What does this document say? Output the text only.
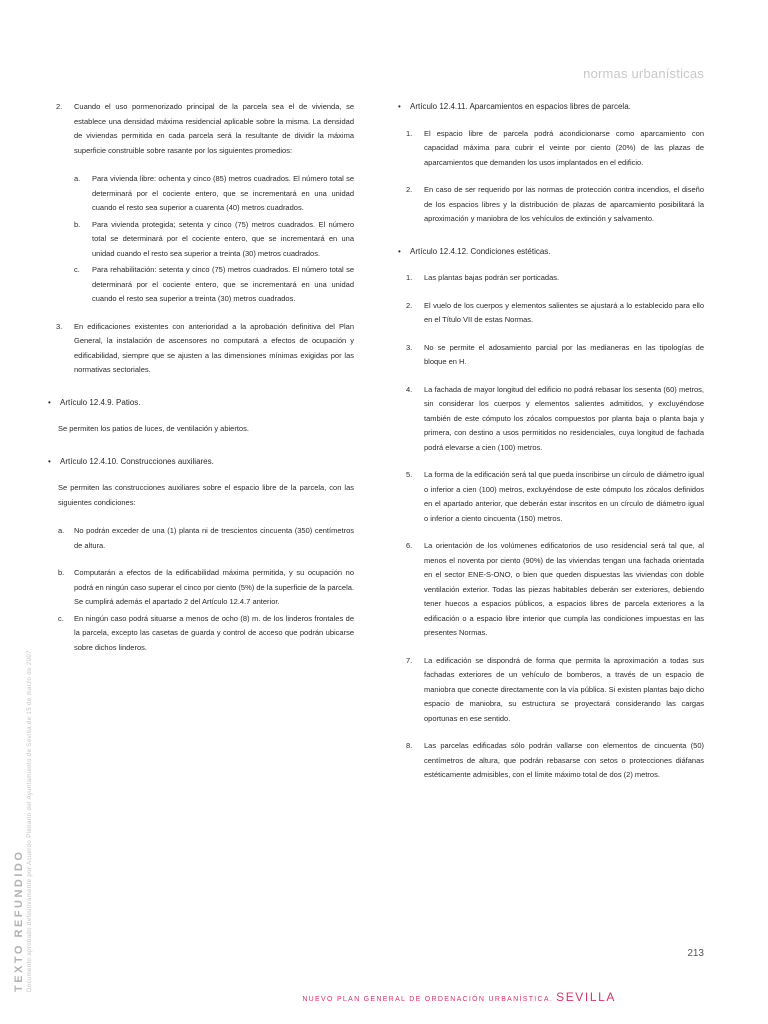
normas urbanísticas
2. Cuando el uso pormenorizado principal de la parcela sea el de vivienda, se establece una densidad máxima residencial aplicable sobre la misma. La densidad de viviendas permitida en cada parcela será la resultante de dividir la máxima superficie construible sobre rasante por los siguientes promedios:
a. Para vivienda libre: ochenta y cinco (85) metros cuadrados. El número total se determinará por el cociente entero, que se incrementará en una unidad cuando el resto sea superior a cuarenta (40) metros cuadrados.
b. Para vivienda protegida; setenta y cinco (75) metros cuadrados. El número total se determinará por el cociente entero, que se incrementará en una unidad cuando el resto sea superior a treinta (30) metros cuadrados.
c. Para rehabilitación: setenta y cinco (75) metros cuadrados. El número total se determinará por el cociente entero, que se incrementará en una unidad cuando el resto sea superior a treinta (30) metros cuadrados.
3. En edificaciones existentes con anterioridad a la aprobación definitiva del Plan General, la instalación de ascensores no computará a efectos de ocupación y edificabilidad, siempre que se ajusten a las dimensiones mínimas exigidas por las normativas sectoriales.
• Artículo 12.4.9. Patios.
Se permiten los patios de luces, de ventilación y abiertos.
• Artículo 12.4.10. Construcciones auxiliares.
Se permiten las construcciones auxiliares sobre el espacio libre de la parcela, con las siguientes condiciones:
a. No podrán exceder de una (1) planta ni de trescientos cincuenta (350) centímetros de altura.
b. Computarán a efectos de la edificabilidad máxima permitida, y su ocupación no podrá en ningún caso superar el cinco por ciento (5%) de la superficie de la parcela. Se cumplirá además el apartado 2 del Artículo 12.4.7 anterior.
c. En ningún caso podrá situarse a menos de ocho (8) m. de los linderos frontales de la parcela, excepto las casetas de guarda y control de acceso que podrán ubicarse sobre dichos linderos.
• Artículo 12.4.11. Aparcamientos en espacios libres de parcela.
1. El espacio libre de parcela podrá acondicionarse como aparcamiento con capacidad máxima para cubrir el veinte por ciento (20%) de las plazas de aparcamientos que demanden los usos implantados en el edificio.
2. En caso de ser requerido por las normas de protección contra incendios, el diseño de los espacios libres y la distribución de plazas de aparcamiento posibilitará la aproximación y maniobra de los vehículos de extinción y salvamento.
• Artículo 12.4.12. Condiciones estéticas.
1. Las plantas bajas podrán ser porticadas.
2. El vuelo de los cuerpos y elementos salientes se ajustará a lo establecido para ello en el Título VII de estas Normas.
3. No se permite el adosamiento parcial por las medianeras en las tipologías de bloque en H.
4. La fachada de mayor longitud del edificio no podrá rebasar los sesenta (60) metros, sin considerar los cuerpos y elementos salientes admitidos, y excluyéndose también de este cómputo los zócalos compuestos por planta baja o planta baja y primera, con destino a usos permitidos no residenciales, cuya longitud de fachada podrá elevarse a cien (100) metros.
5. La forma de la edificación será tal que pueda inscribirse un círculo de diámetro igual o inferior a cien (100) metros, excluyéndose de este cómputo los zócalos definidos en el apartado anterior, que deberán estar inscritos en un círculo de diámetro igual o inferior a ciento cincuenta (150) metros.
6. La orientación de los volúmenes edificatorios de uso residencial será tal que, al menos el noventa por ciento (90%) de las viviendas tengan una fachada orientada en el sector ENE-S-ONO, o bien que queden dispuestas las viviendas con doble ventilación exterior. Todas las piezas habitables deberán ser exteriores, debiendo tener huecos a espacios públicos, a espacios libres de parcela exteriores a la edificación o a espacio libre interior que cumpla las condiciones impuestas en las presentes Normas.
7. La edificación se dispondrá de forma que permita la aproximación a todas sus fachadas exteriores de un vehículo de bomberos, a través de un espacio de maniobra que conecte directamente con la vía pública. Si existen plantas bajo dicho espacio de maniobra, su estructura se proyectará considerando las cargas oportunas en ese sentido.
8. Las parcelas edificadas sólo podrán vallarse con elementos de cincuenta (50) centímetros de altura, que podrán rebasarse con setos o protecciones diáfanas estéticamente admisibles, con el límite máximo total de dos (2) metros.
TEXTO REFUNDIDO Documento aprobado definitivamente por Acuerdo Plenario del Ayuntamiento de Sevilla de 15 de marzo de 2007	213
NUEVO PLAN GENERAL DE ORDENACIÓN URBANÍSTICA. SEVILLA
